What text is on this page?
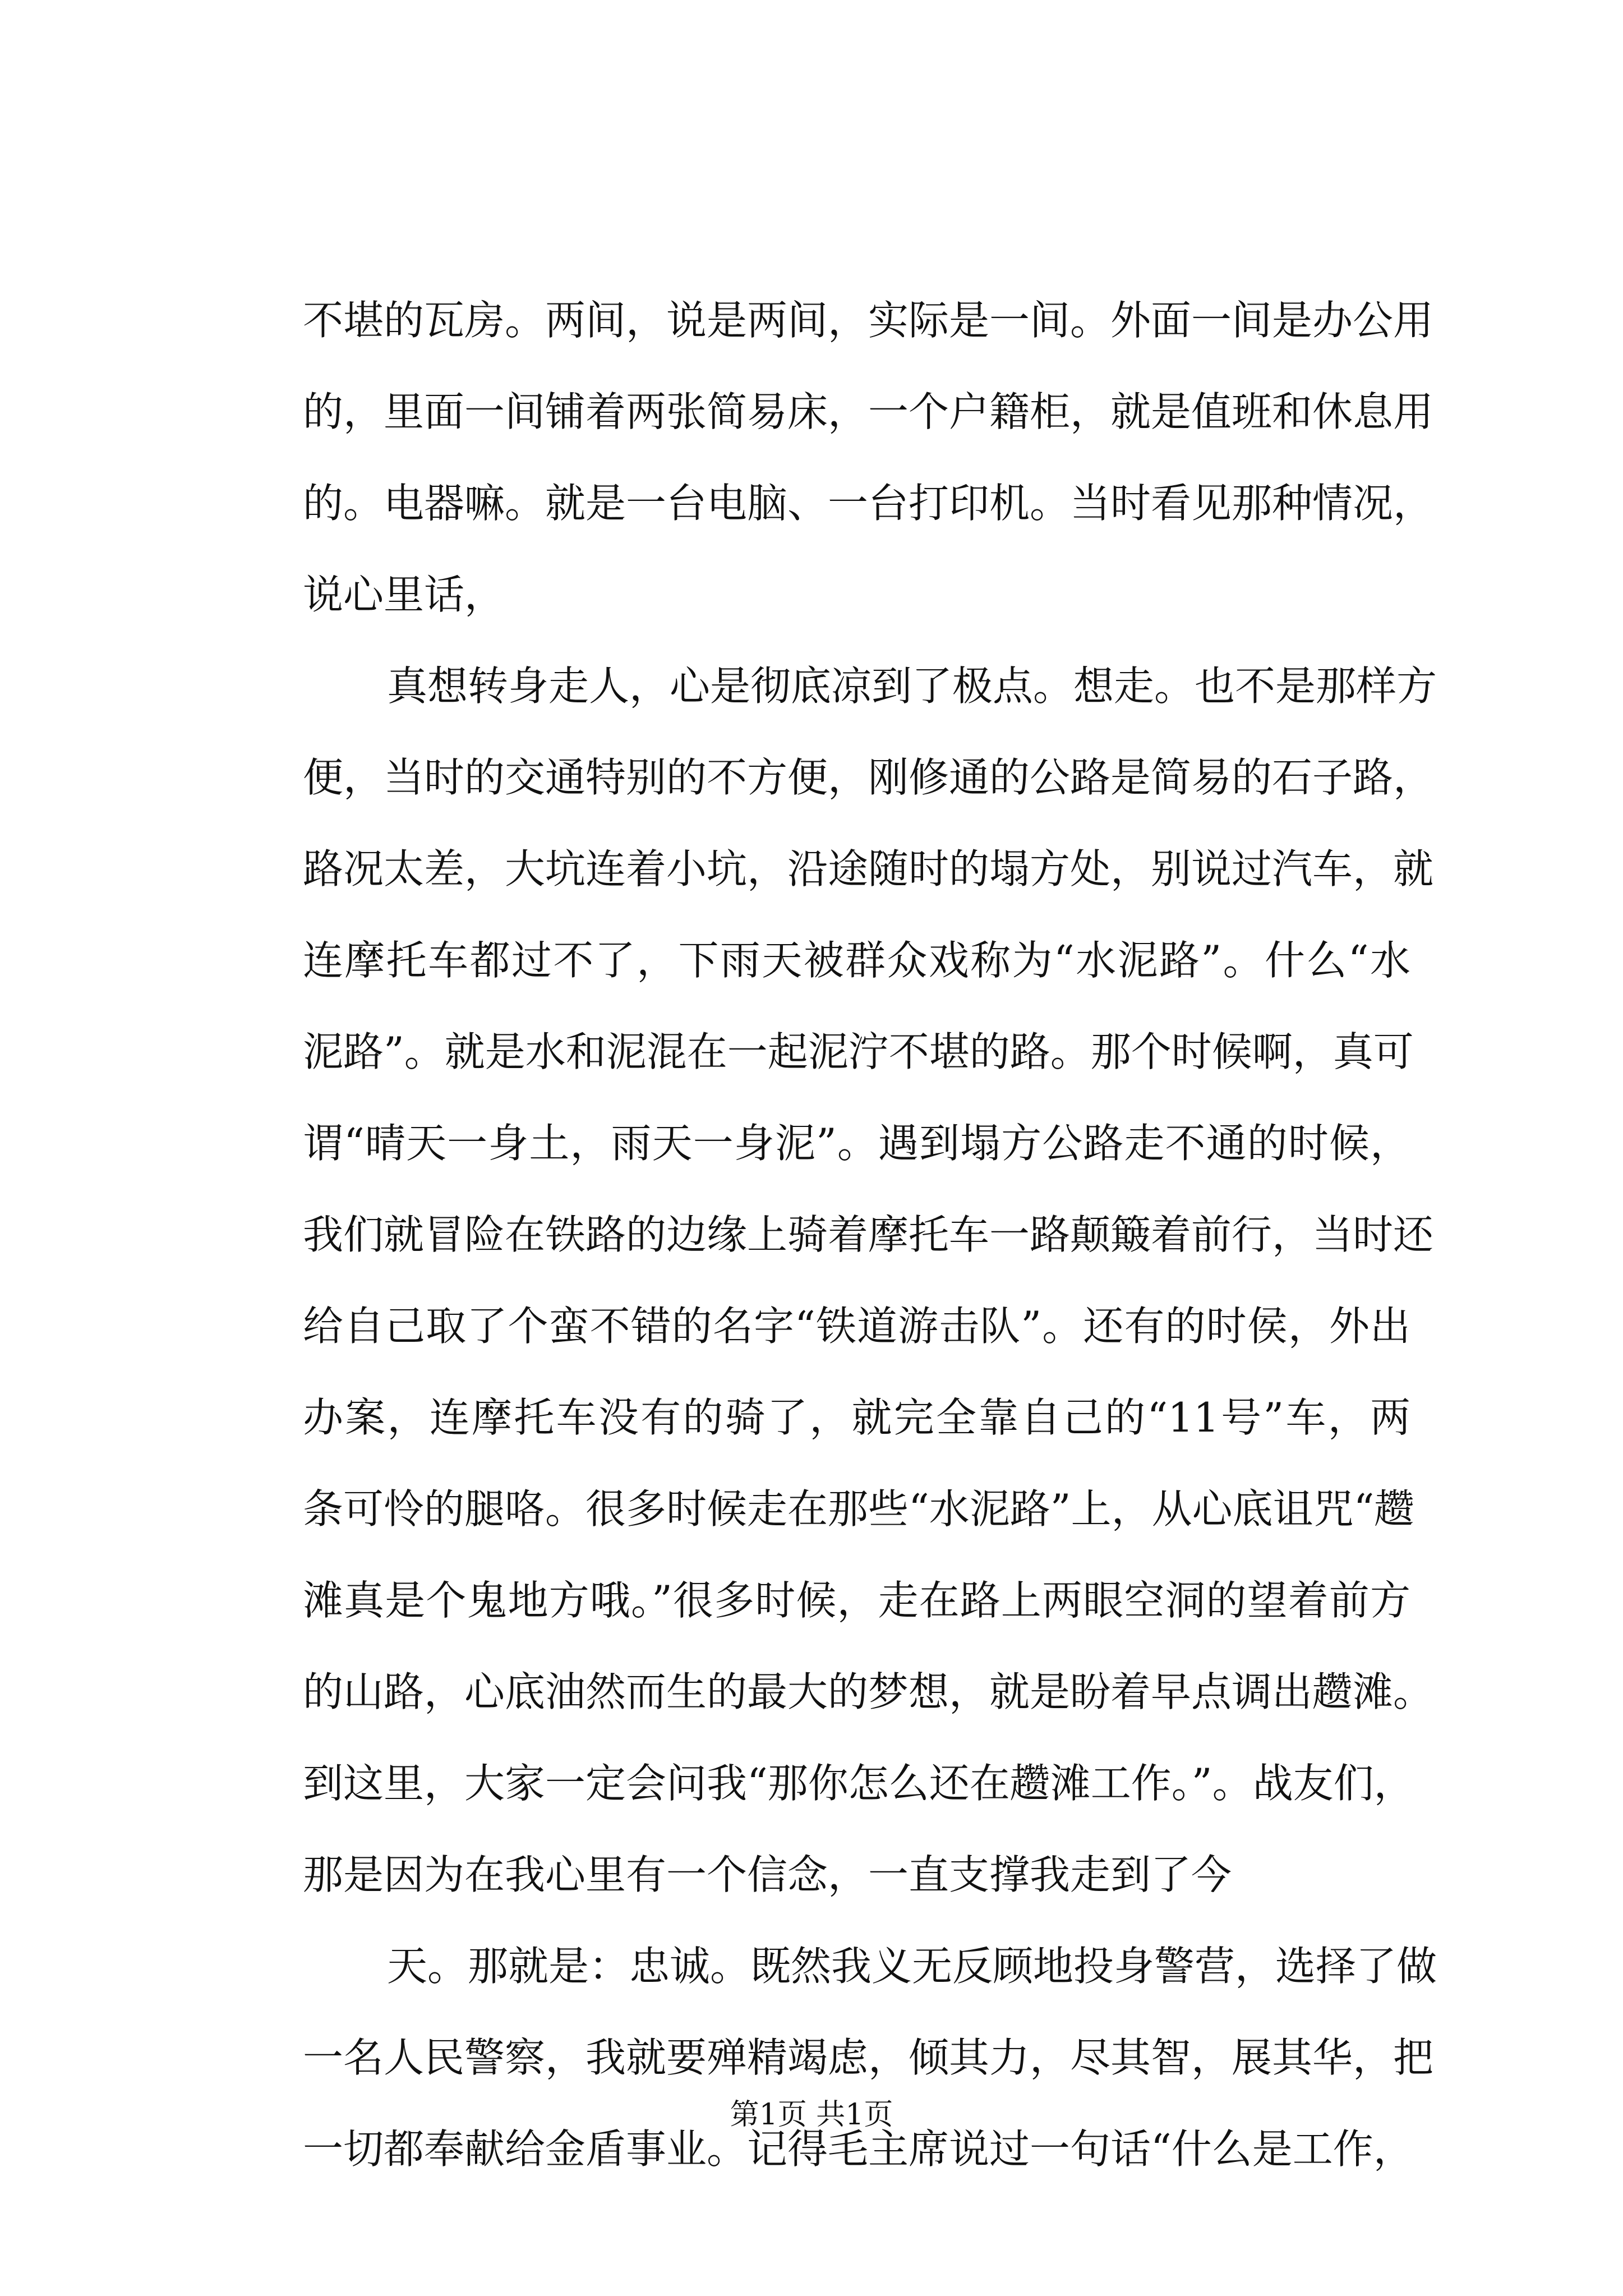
不堪的瓦房。两间，说是两间，实际是一间。外面一间是办公用
的，里面一间铺着两张简易床，一个户籍柜，就是值班和休息用
的。电器嘛。就是一台电脑、一台打印机。当时看见那种情况，
说心里话，
真想转身走人，心是彻底凉到了极点。想走。也不是那样方
便，当时的交通特别的不方便，刚修通的公路是简易的石子路，
路况太差，大坑连着小坑，沿途随时的塌方处，别说过汽车，就
连摩托车都过不了，下雨天被群众戏称为“水泥路”。什么“水
泥路”。就是水和泥混在一起泥泞不堪的路。那个时候啊，真可
谓“晴天一身土，雨天一身泥”。遇到塌方公路走不通的时候，
我们就冒险在铁路的边缘上骑着摩托车一路颠簸着前行，当时还
给自己取了个蛮不错的名字“铁道游击队”。还有的时侯，外出
办案，连摩托车没有的骑了，就完全靠自己的“11号”车，两
条可怜的腿咯。很多时候走在那些“水泥路”上，从心底诅咒“趱
滩真是个鬼地方哦。”很多时候，走在路上两眼空洞的望着前方
的山路，心底油然而生的最大的梦想，就是盼着早点调出趱滩。
到这里，大家一定会问我“那你怎么还在趱滩工作。”。战友们，
那是因为在我心里有一个信念，一直支撑我走到了今
天。那就是：忠诚。既然我义无反顾地投身警营，选择了做
一名人民警察，我就要殚精竭虑，倾其力，尽其智，展其华，把
一切都奉献给金盾事业。记得毛主席说过一句话“什么是工作，
第1页 共1页
